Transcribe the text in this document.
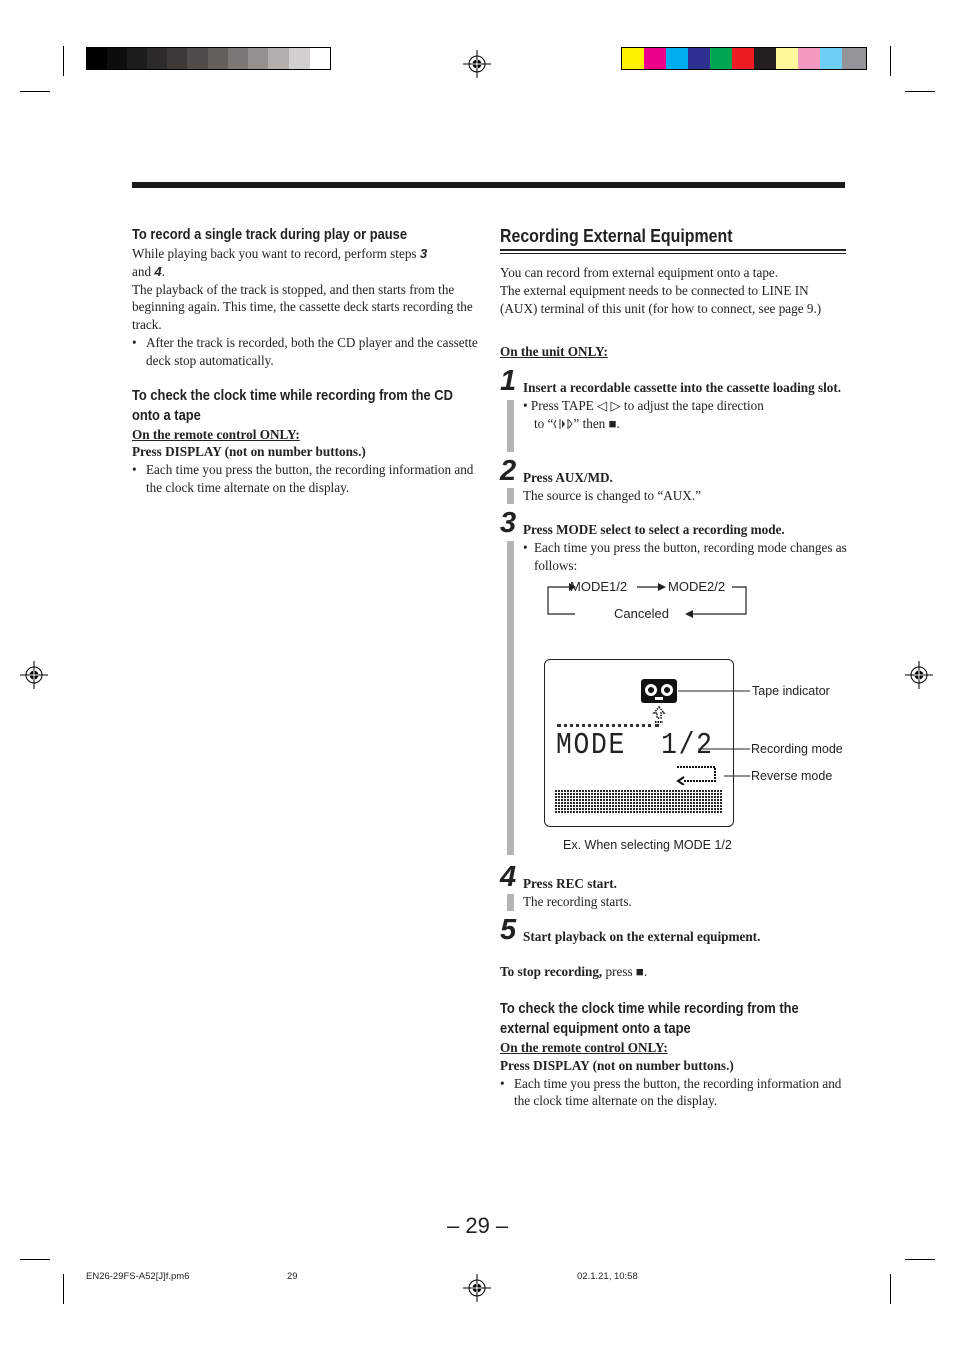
To record a single track during play or pause
While playing back you want to record, perform steps 3
and 4.
The playback of the track is stopped, and then starts from the beginning again. This time, the cassette deck starts recording the track.
• After the track is recorded, both the CD player and the cassette deck stop automatically.
To check the clock time while recording from the CD onto a tape
On the remote control ONLY:
Press DISPLAY (not on number buttons.)
• Each time you press the button, the recording information and the clock time alternate on the display.
Recording External Equipment
You can record from external equipment onto a tape.
The external equipment needs to be connected to LINE IN (AUX) terminal of this unit (for how to connect, see page 9.)
On the unit ONLY:
1 Insert a recordable cassette into the cassette loading slot.
• Press TAPE ◁ ▷ to adjust the tape direction
to “ ” then ■.
2 Press AUX/MD.
The source is changed to “AUX.”
3 Press MODE select to select a recording mode.
• Each time you press the button, recording mode changes as follows:
MODE1/2	MODE2/2
Canceled
MODE  1/2
Tape indicator
Recording mode
Reverse mode
Ex. When selecting MODE 1/2
4 Press REC start.
The recording starts.
5 Start playback on the external equipment.
To stop recording, press ■.
To check the clock time while recording from the external equipment onto a tape
On the remote control ONLY:
Press DISPLAY (not on number buttons.)
• Each time you press the button, the recording information and the clock time alternate on the display.
– 29 –
EN26-29FS-A52[J]f.pm6	29	02.1.21, 10:58
